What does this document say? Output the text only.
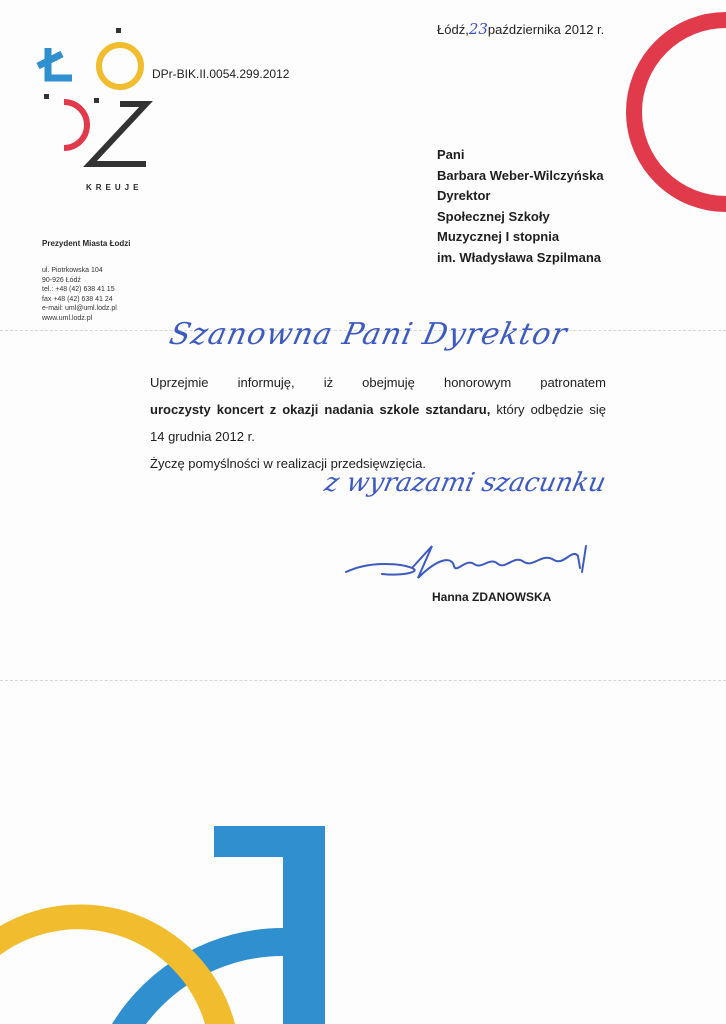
KREUJE
DPr-BIK.II.0054.299.2012
Łódź,23października 2012 r.
Prezydent Miasta Łodzi
ul. Piotrkowska 104
90-926 Łódź
tel.: +48 (42) 638 41 15
fax +48 (42) 638 41 24
e-mail: uml@uml.lodz.pl
www.uml.lodz.pl
Pani
Barbara Weber-Wilczyńska
Dyrektor
Społecznej Szkoły
Muzycznej I stopnia
im. Władysława Szpilmana
Szanowna Pani Dyrektor
Uprzejmie informuję, iż obejmuję honorowym patronatem
uroczysty koncert z okazji nadania szkole sztandaru, który odbędzie się
14 grudnia 2012 r.
Życzę pomyślności w realizacji przedsięwzięcia.
z wyrazami szacunku
Hanna ZDANOWSKA
